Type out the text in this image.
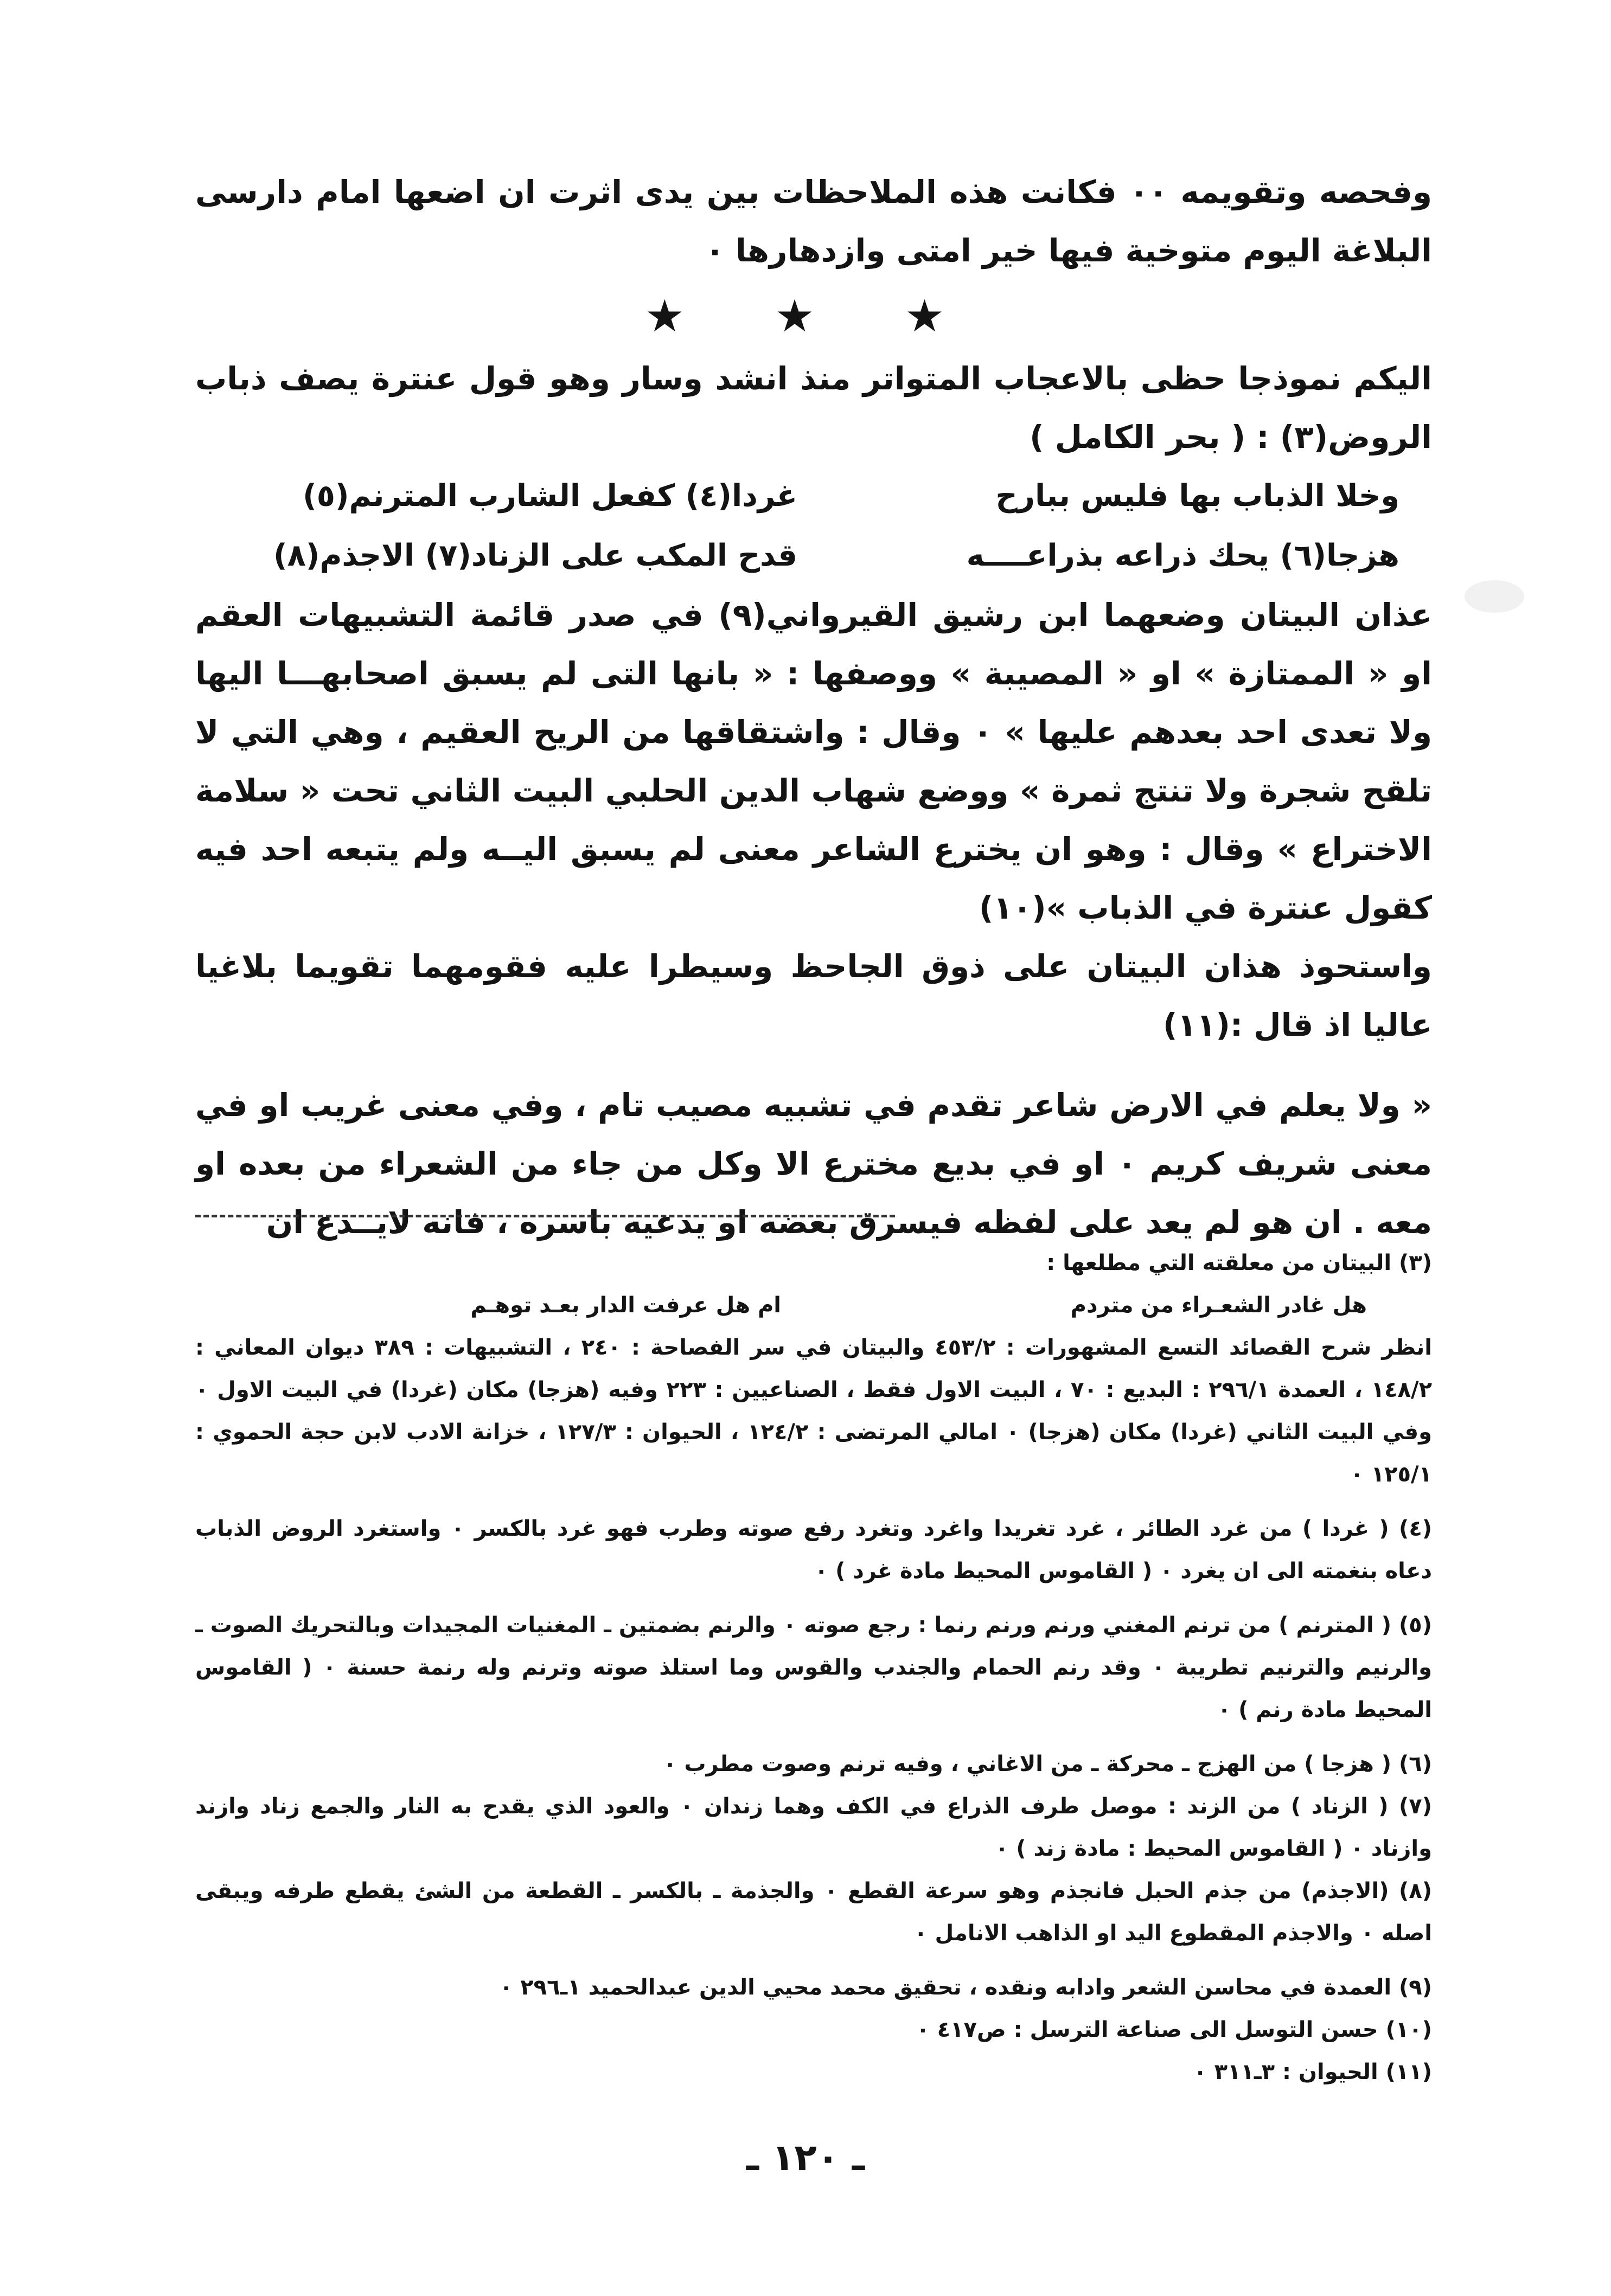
وفحصه وتقويمه ٠٠ فكانت هذه الملاحظات بين يدى اثرت ان اضعها امام دارسى البلاغة اليوم متوخية فيها خير امتى وازدهارها ٠

★ ★ ★

اليكم نموذجا حظى بالاعجاب المتواتر منذ انشد وسار وهو قول عنترة يصف ذباب الروض(٣) : ( بحر الكامل )

وخلا الذباب بها فليس ببارح
غردا(٤) كفعل الشارب المترنم(٥)
هزجا(٦) يحك ذراعه بذراعــــه
قدح المكب على الزناد(٧) الاجذم(٨)

عذان البيتان وضعهما ابن رشيق القيرواني(٩) في صدر قائمة التشبيهات العقم او « الممتازة » او « المصيبة » ووصفها : « بانها التى لم يسبق اصحابهـــا اليها ولا تعدى احد بعدهم عليها » ٠ وقال : واشتقاقها من الريح العقيم ، وهي التي لا تلقح شجرة ولا تنتج ثمرة » ووضع شهاب الدين الحلبي البيت الثاني تحت « سلامة الاختراع » وقال : وهو ان يخترع الشاعر معنى لم يسبق اليــه ولم يتبعه احد فيه كقول عنترة في الذباب »(١٠)

واستحوذ هذان البيتان على ذوق الجاحظ وسيطرا عليه فقومهما تقويما بلاغيا عاليا اذ قال :(١١)

« ولا يعلم في الارض شاعر تقدم في تشبيه مصيب تام ، وفي معنى غريب او في معنى شريف كريم ٠ او في بديع مخترع الا وكل من جاء من الشعراء من بعده او معه . ان هو لم يعد على لفظه فيسرق بعضه او يدعيه باسره ، فانه لايــدع ان

(٣) البيتان من معلقته التي مطلعها :

هل غادر الشعـراء من متردم
ام هل عرفت الدار بعـد توهـم

انظر شرح القصائد التسع المشهورات : ٤٥٣/٢ والبيتان في سر الفصاحة : ٢٤٠ ، التشبيهات : ٣٨٩ ديوان المعاني : ١٤٨/٢ ، العمدة ٢٩٦/١ : البديع : ٧٠ ، البيت الاول فقط ، الصناعيين : ٢٢٣ وفيه (هزجا) مكان (غردا) في البيت الاول ٠ وفي البيت الثاني (غردا) مكان (هزجا) ٠ امالي المرتضى : ١٢٤/٢ ، الحيوان : ١٢٧/٣ ، خزانة الادب لابن حجة الحموي : ١٢٥/١ ٠

(٤) ( غردا ) من غرد الطائر ، غرد تغريدا واغرد وتغرد رفع صوته وطرب فهو غرد بالكسر ٠ واستغرد الروض الذباب دعاه بنغمته الى ان يغرد ٠ ( القاموس المحيط مادة غرد ) ٠

(٥) ( المترنم ) من ترنم المغني ورنم ورنم رنما : رجع صوته ٠ والرنم بضمتين ـ المغنيات المجيدات وبالتحريك الصوت ـ والرنيم والترنيم تطريبة ٠ وقد رنم الحمام والجندب والقوس وما استلذ صوته وترنم وله رنمة حسنة ٠ ( القاموس المحيط مادة رنم ) ٠

(٦) ( هزجا ) من الهزج ـ محركة ـ من الاغاني ، وفيه ترنم وصوت مطرب ٠

(٧) ( الزناد ) من الزند : موصل طرف الذراع في الكف وهما زندان ٠ والعود الذي يقدح به النار والجمع زناد وازند وازناد ٠ ( القاموس المحيط : مادة زند ) ٠

(٨) (الاجذم) من جذم الحبل فانجذم وهو سرعة القطع ٠ والجذمة ـ بالكسر ـ القطعة من الشئ يقطع طرفه ويبقى اصله ٠ والاجذم المقطوع اليد او الذاهب الانامل ٠

(٩) العمدة في محاسن الشعر وادابه ونقده ، تحقيق محمد محيي الدين عبدالحميد ١ـ٢٩٦ ٠

(١٠) حسن التوسل الى صناعة الترسل : ص٤١٧ ٠

(١١) الحيوان : ٣ـ٣١١ ٠

ـ ١٢٠ ـ
